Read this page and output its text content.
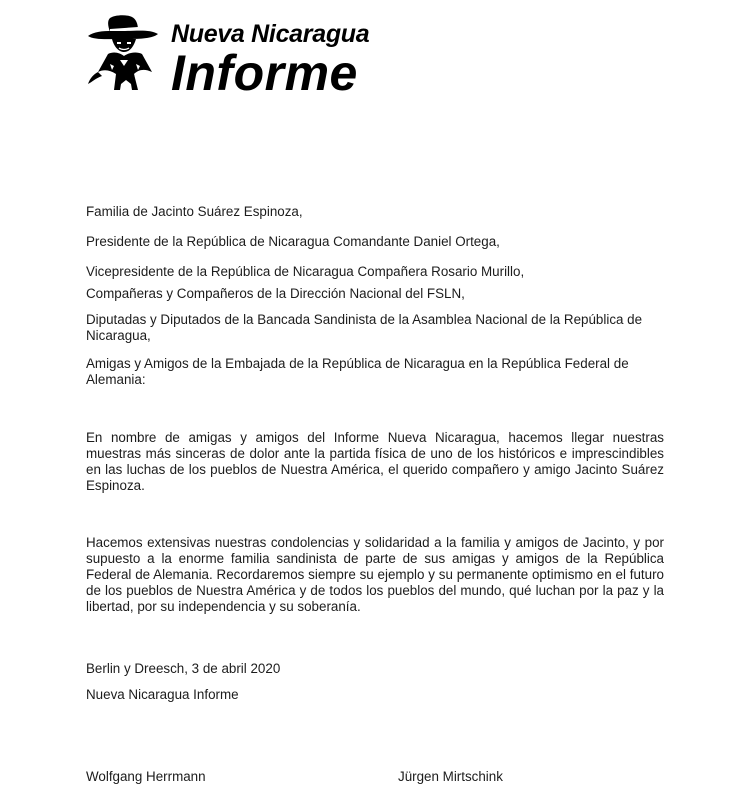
Nueva Nicaragua
Informe

Familia de Jacinto Suárez Espinoza,

Presidente de la República de Nicaragua Comandante Daniel Ortega,

Vicepresidente de la República de Nicaragua Compañera Rosario Murillo,

Compañeras y Compañeros de la Dirección Nacional del FSLN,

Diputadas y Diputados de la Bancada Sandinista de la Asamblea Nacional de la República de Nicaragua,

Amigas y Amigos de la Embajada de la República de Nicaragua en la República Federal de Alemania:

En nombre de amigas y amigos del Informe Nueva Nicaragua, hacemos llegar nuestras muestras más sinceras de dolor ante la partida física de uno de los históricos e imprescindibles en las luchas de los pueblos de Nuestra América, el querido compañero y amigo Jacinto Suárez Espinoza.

Hacemos extensivas nuestras condolencias y solidaridad a la familia y amigos de Jacinto, y por supuesto a la enorme familia sandinista de parte de sus amigas y amigos de la República Federal de Alemania. Recordaremos siempre su ejemplo y su permanente optimismo en el futuro de los pueblos de Nuestra América y de todos los pueblos del mundo, qué luchan por la paz y la libertad, por su independencia y su soberanía.

Berlin y Dreesch, 3 de abril 2020

Nueva Nicaragua Informe

Wolfgang Herrmann	Jürgen Mirtschink
